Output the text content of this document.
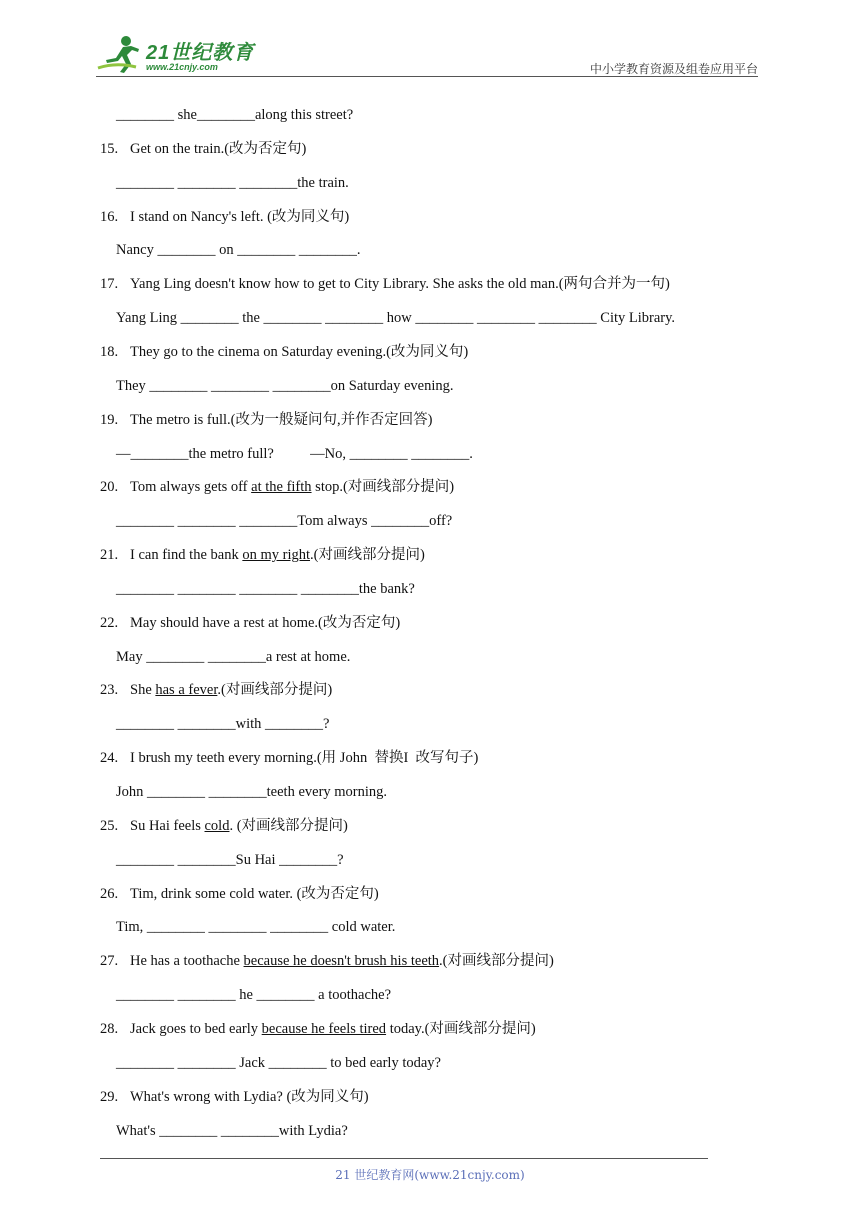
21世纪教育
www.21cnjy.com	中小学教育资源及组卷应用平台
________ she________along this street?
15. Get on the train.(改为否定句)
________ ________ ________the train.
16. I stand on Nancy's left. (改为同义句)
Nancy ________ on ________ ________.
17. Yang Ling doesn't know how to get to City Library. She asks the old man.(两句合并为一句)
Yang Ling ________ the ________ ________ how ________ ________ ________ City Library.
18. They go to the cinema on Saturday evening.(改为同义句)
They ________ ________ ________on Saturday evening.
19. The metro is full.(改为一般疑问句,并作否定回答)
—________the metro full?          —No, ________ ________.
20. Tom always gets off at the fifth stop.(对画线部分提问)
________ ________ ________Tom always ________off?
21. I can find the bank on my right.(对画线部分提问)
________ ________ ________ ________the bank?
22. May should have a rest at home.(改为否定句)
May ________ ________a rest at home.
23. She has a fever.(对画线部分提问)
________ ________with ________?
24. I brush my teeth every morning.(用 John  替换I  改写句子)
John ________ ________teeth every morning.
25. Su Hai feels cold. (对画线部分提问)
________ ________Su Hai ________?
26. Tim, drink some cold water. (改为否定句)
Tim, ________ ________ ________ cold water.
27. He has a toothache because he doesn't brush his teeth.(对画线部分提问)
________ ________ he ________ a toothache?
28. Jack goes to bed early because he feels tired today.(对画线部分提问)
________ ________ Jack ________ to bed early today?
29. What's wrong with Lydia? (改为同义句)
What's ________ ________with Lydia?
21 世纪教育网(www.21cnjy.com)
